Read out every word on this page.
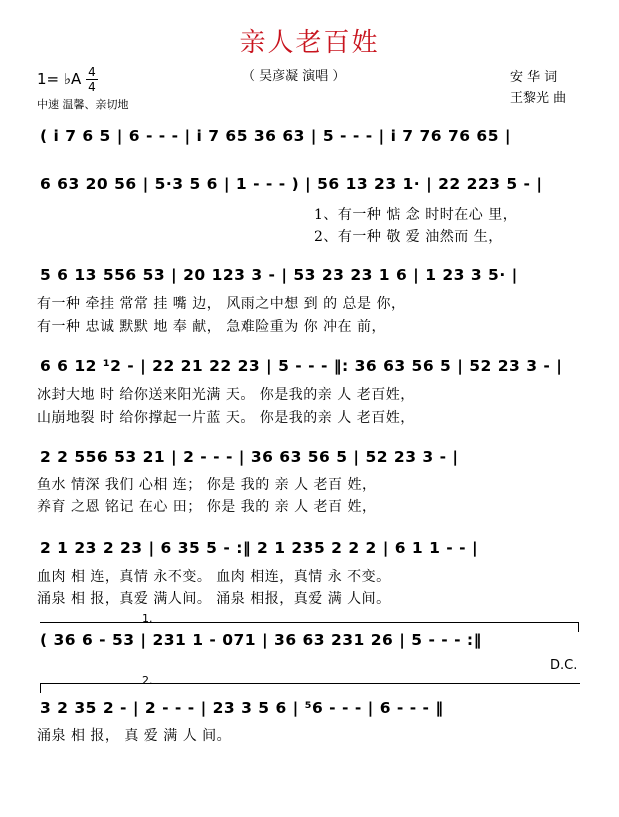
亲人老百姓
（ 吴彦凝 演唱 ）
1= ♭A 4
4
中速 温馨、亲切地
安 华 词
王黎光 曲
( i 7 6 5 | 6 - - - | i 7 65 36 63 | 5 - - - | i 7 76 76 65 |
6 63 20 56 | 5·3 5 6 | 1 - - - ) | 56 13 23 1· | 22 223 5 - |
1、有一种 惦 念 时时在心 里，
2、有一种 敬 爱 油然而 生，
5 6 13 556 53 | 20 123 3 - | 53 23 23 1 6 | 1 23 3 5· |
有一种 牵挂 常常 挂 嘴 边， 风雨之中想 到 的 总是 你，
有一种 忠诚 默默 地 奉 献， 急难险重为 你 冲在 前，
6 6 12 ¹2 - | 22 21 22 23 | 5 - - - ‖: 36 63 56 5 | 52 23 3 - |
冰封大地 时 给你送来阳光满 天。 你是我的亲 人 老百姓，
山崩地裂 时 给你撑起一片蓝 天。 你是我的亲 人 老百姓，
2 2 556 53 21 | 2 - - - | 36 63 56 5 | 52 23 3 - |
鱼水 情深 我们 心相 连； 你是 我的 亲 人 老百 姓，
养育 之恩 铭记 在心 田； 你是 我的 亲 人 老百 姓，
2 1 23 2 23 | 6 35 5 - :‖ 2 1 235 2 2 2 | 6 1 1 - - |
血肉 相 连，真情 永不变。 血肉 相连，真情 永 不变。
涌泉 相 报，真爱 满人间。 涌泉 相报，真爱 满 人间。
1.
( 36 6 - 53 | 231 1 - 071 | 36 63 231 26 | 5 - - - :‖
D.C.
2.
3 2 35 2 - | 2 - - - | 23 3 5 6 | ⁵6 - - - | 6 - - - ‖
涌泉 相 报， 真 爱 满 人 间。
